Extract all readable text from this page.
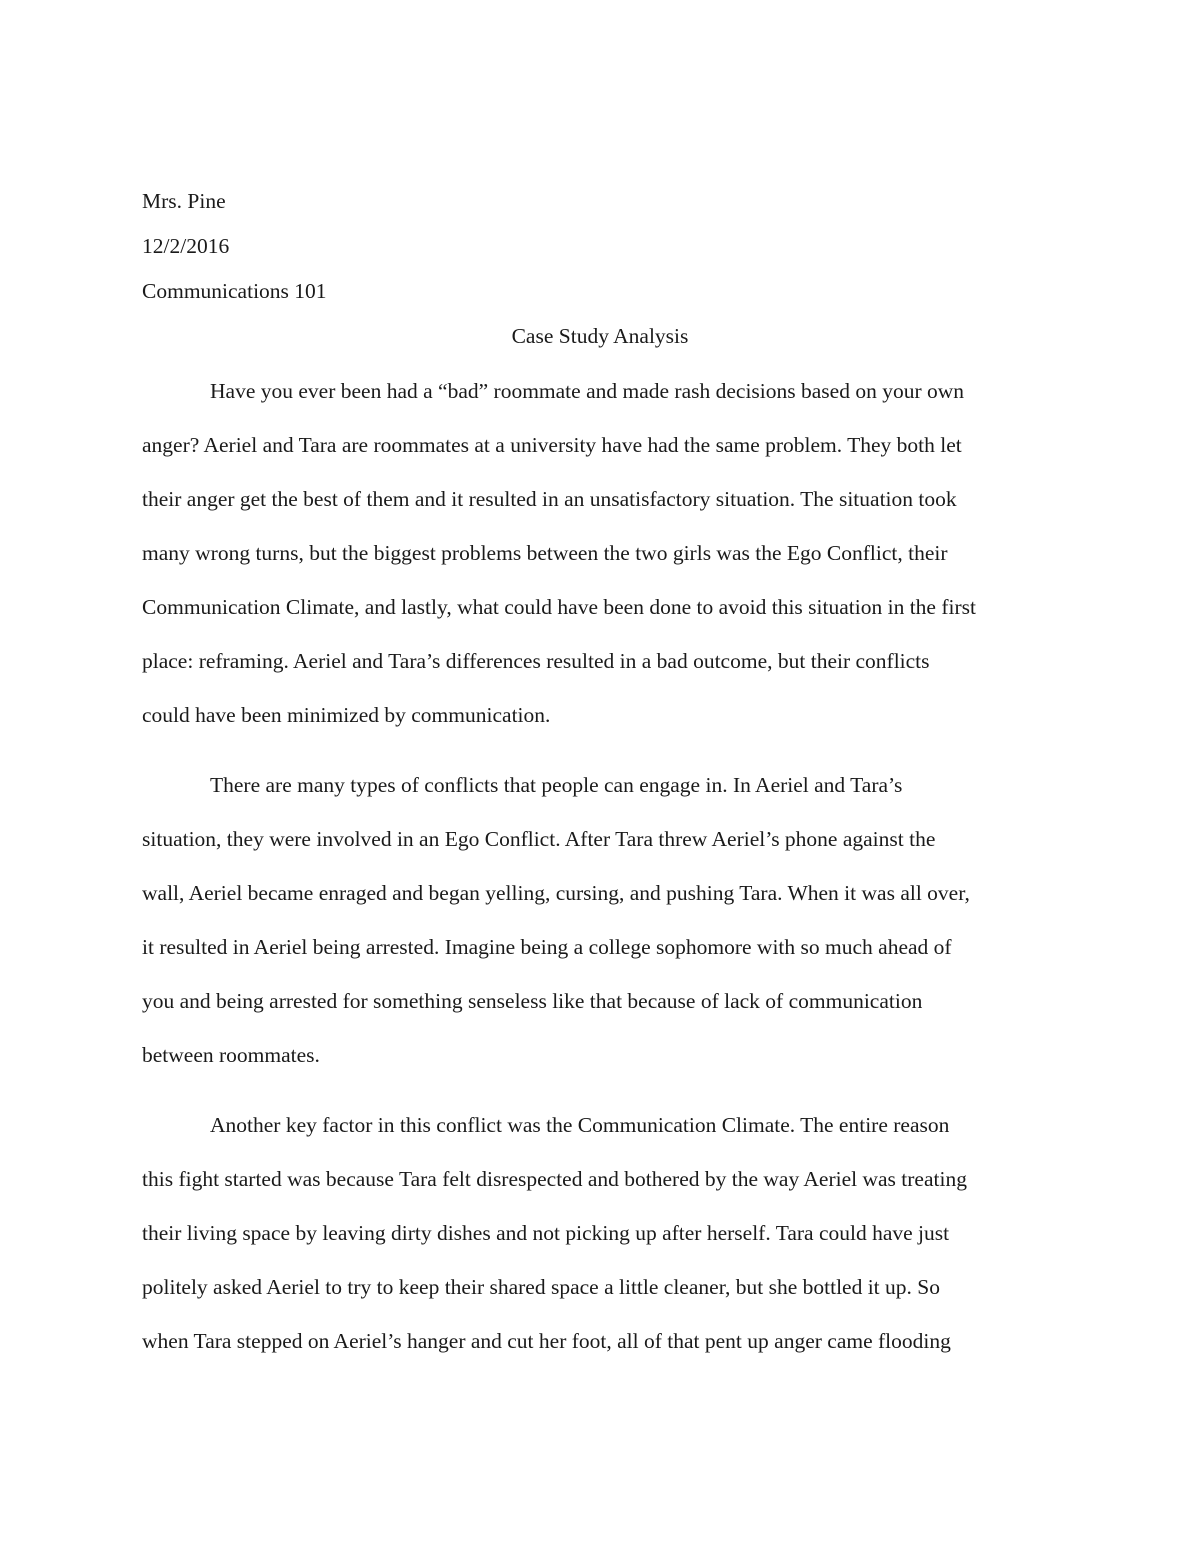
Mrs. Pine
12/2/2016
Communications 101
Case Study Analysis
Have you ever been had a “bad” roommate and made rash decisions based on your own
anger? Aeriel and Tara are roommates at a university have had the same problem. They both let
their anger get the best of them and it resulted in an unsatisfactory situation. The situation took
many wrong turns, but the biggest problems between the two girls was the Ego Conflict, their
Communication Climate, and lastly, what could have been done to avoid this situation in the first
place: reframing. Aeriel and Tara’s differences resulted in a bad outcome, but their conflicts
could have been minimized by communication.
There are many types of conflicts that people can engage in. In Aeriel and Tara’s
situation, they were involved in an Ego Conflict. After Tara threw Aeriel’s phone against the
wall, Aeriel became enraged and began yelling, cursing, and pushing Tara. When it was all over,
it resulted in Aeriel being arrested. Imagine being a college sophomore with so much ahead of
you and being arrested for something senseless like that because of lack of communication
between roommates.
Another key factor in this conflict was the Communication Climate. The entire reason
this fight started was because Tara felt disrespected and bothered by the way Aeriel was treating
their living space by leaving dirty dishes and not picking up after herself. Tara could have just
politely asked Aeriel to try to keep their shared space a little cleaner, but she bottled it up. So
when Tara stepped on Aeriel’s hanger and cut her foot, all of that pent up anger came flooding
